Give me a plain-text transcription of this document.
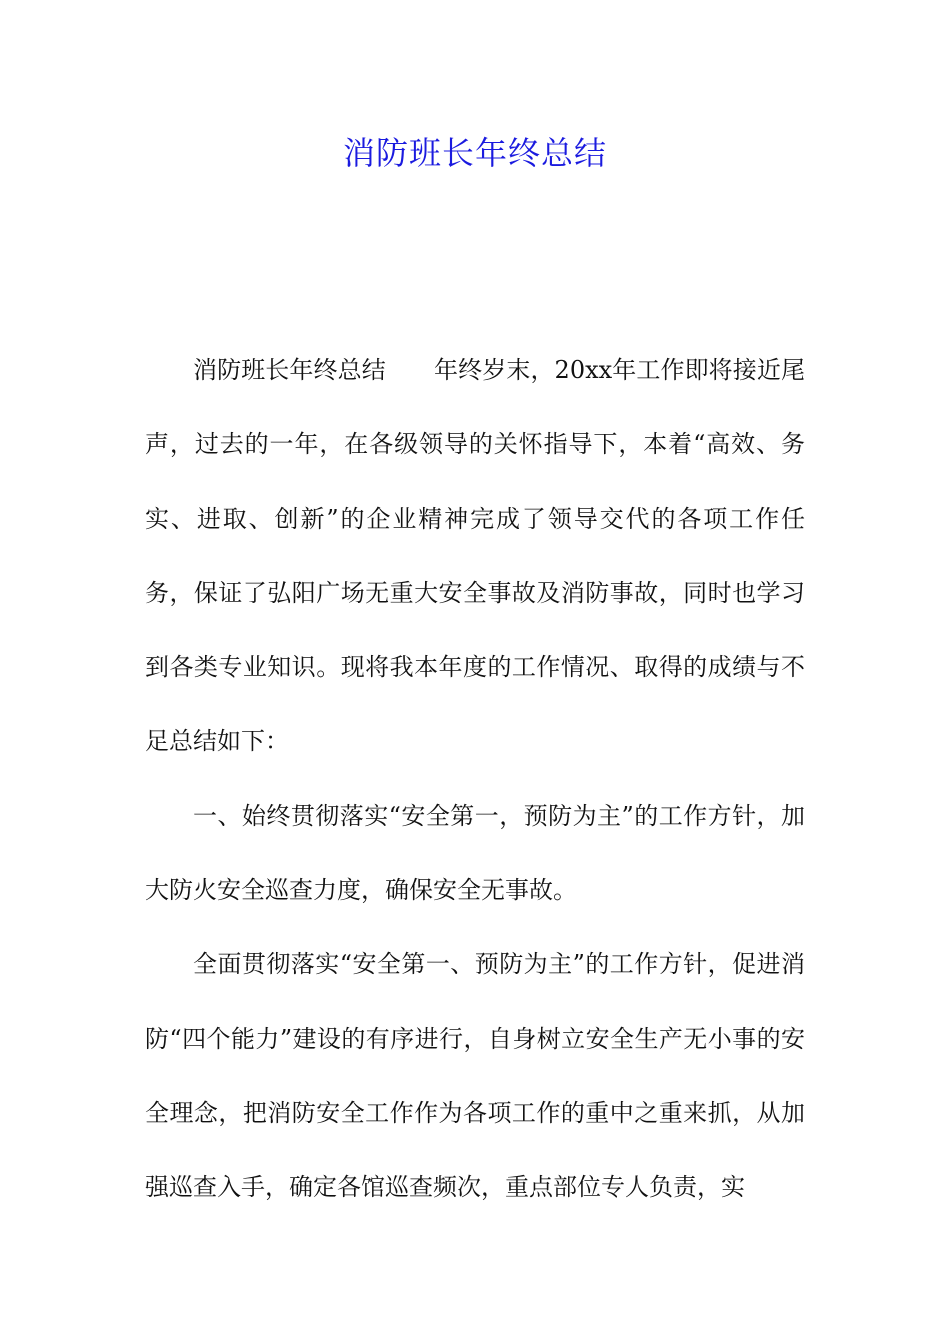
消防班长年终总结

消防班长年终总结　　年终岁末，20xx年工作即将接近尾声，过去的一年，在各级领导的关怀指导下，本着“高效、务实、进取、创新”的企业精神完成了领导交代的各项工作任务，保证了弘阳广场无重大安全事故及消防事故，同时也学习到各类专业知识。现将我本年度的工作情况、取得的成绩与不足总结如下：

一、始终贯彻落实“安全第一，预防为主”的工作方针，加大防火安全巡查力度，确保安全无事故。

全面贯彻落实“安全第一、预防为主”的工作方针，促进消防“四个能力”建设的有序进行，自身树立安全生产无小事的安全理念，把消防安全工作作为各项工作的重中之重来抓，从加强巡查入手，确定各馆巡查频次，重点部位专人负责，实
